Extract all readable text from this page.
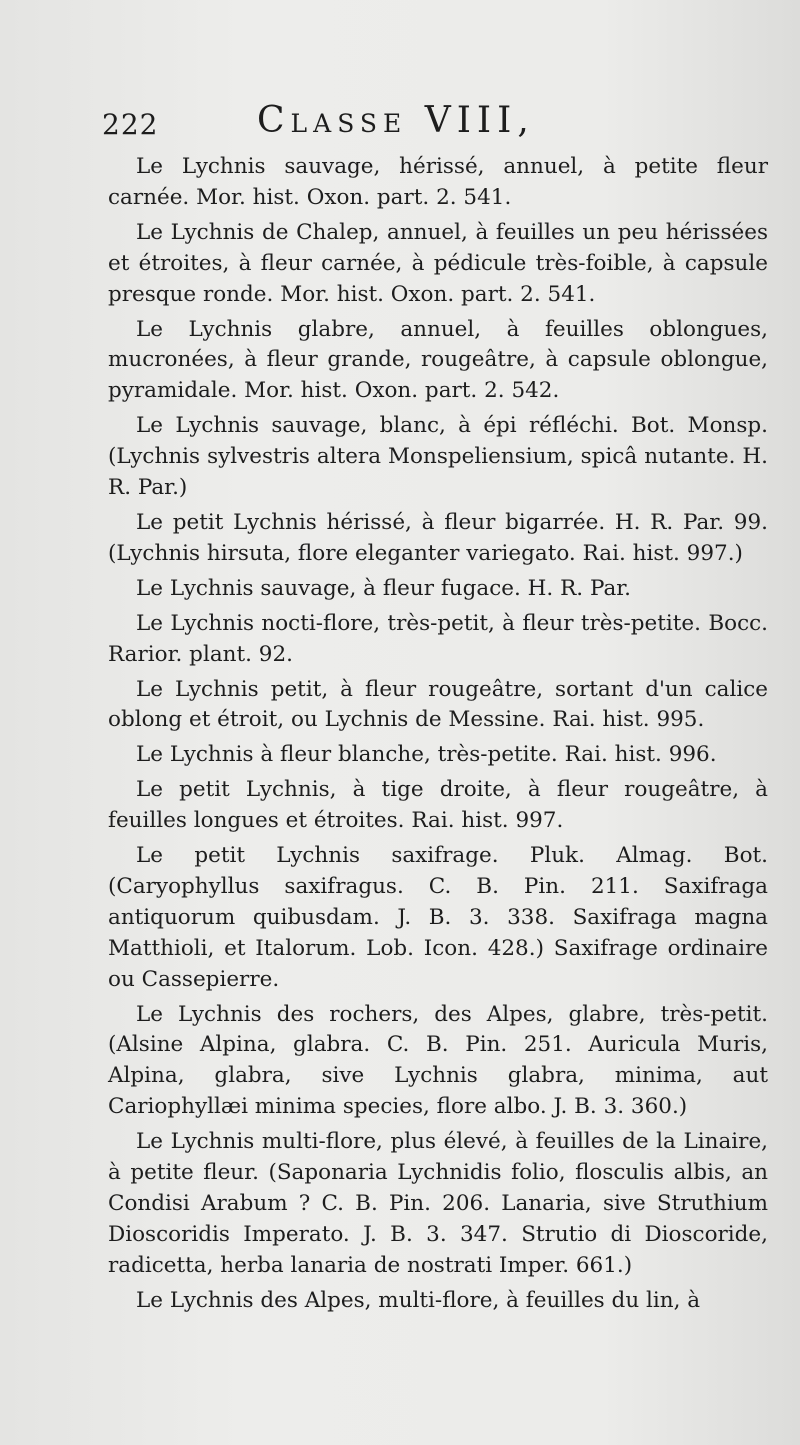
222	Classe VIII,

Le Lychnis sauvage, hérissé, annuel, à petite fleur carnée. Mor. hist. Oxon. part. 2. 541.

Le Lychnis de Chalep, annuel, à feuilles un peu hérissées et étroites, à fleur carnée, à pédicule très-foible, à capsule presque ronde. Mor. hist. Oxon. part. 2. 541.

Le Lychnis glabre, annuel, à feuilles oblongues, mucronées, à fleur grande, rougeâtre, à capsule oblongue, pyramidale. Mor. hist. Oxon. part. 2. 542.

Le Lychnis sauvage, blanc, à épi réfléchi. Bot. Monsp. (Lychnis sylvestris altera Monspeliensium, spicâ nutante. H. R. Par.)

Le petit Lychnis hérissé, à fleur bigarrée. H. R. Par. 99. (Lychnis hirsuta, flore eleganter variegato. Rai. hist. 997.)

Le Lychnis sauvage, à fleur fugace. H. R. Par.

Le Lychnis nocti-flore, très-petit, à fleur très-petite. Bocc. Rarior. plant. 92.

Le Lychnis petit, à fleur rougeâtre, sortant d'un calice oblong et étroit, ou Lychnis de Messine. Rai. hist. 995.

Le Lychnis à fleur blanche, très-petite. Rai. hist. 996.

Le petit Lychnis, à tige droite, à fleur rougeâtre, à feuilles longues et étroites. Rai. hist. 997.

Le petit Lychnis saxifrage. Pluk. Almag. Bot. (Caryophyllus saxifragus. C. B. Pin. 211. Saxifraga antiquorum quibusdam. J. B. 3. 338. Saxifraga magna Matthioli, et Italorum. Lob. Icon. 428.) Saxifrage ordinaire ou Cassepierre.

Le Lychnis des rochers, des Alpes, glabre, très-petit. (Alsine Alpina, glabra. C. B. Pin. 251. Auricula Muris, Alpina, glabra, sive Lychnis glabra, minima, aut Cariophyllæi minima species, flore albo. J. B. 3. 360.)

Le Lychnis multi-flore, plus élevé, à feuilles de la Linaire, à petite fleur. (Saponaria Lychnidis folio, flosculis albis, an Condisi Arabum ? C. B. Pin. 206. Lanaria, sive Struthium Dioscoridis Imperato. J. B. 3. 347. Strutio di Dioscoride, radicetta, herba lanaria de nostrati Imper. 661.)

Le Lychnis des Alpes, multi-flore, à feuilles du lin, à
